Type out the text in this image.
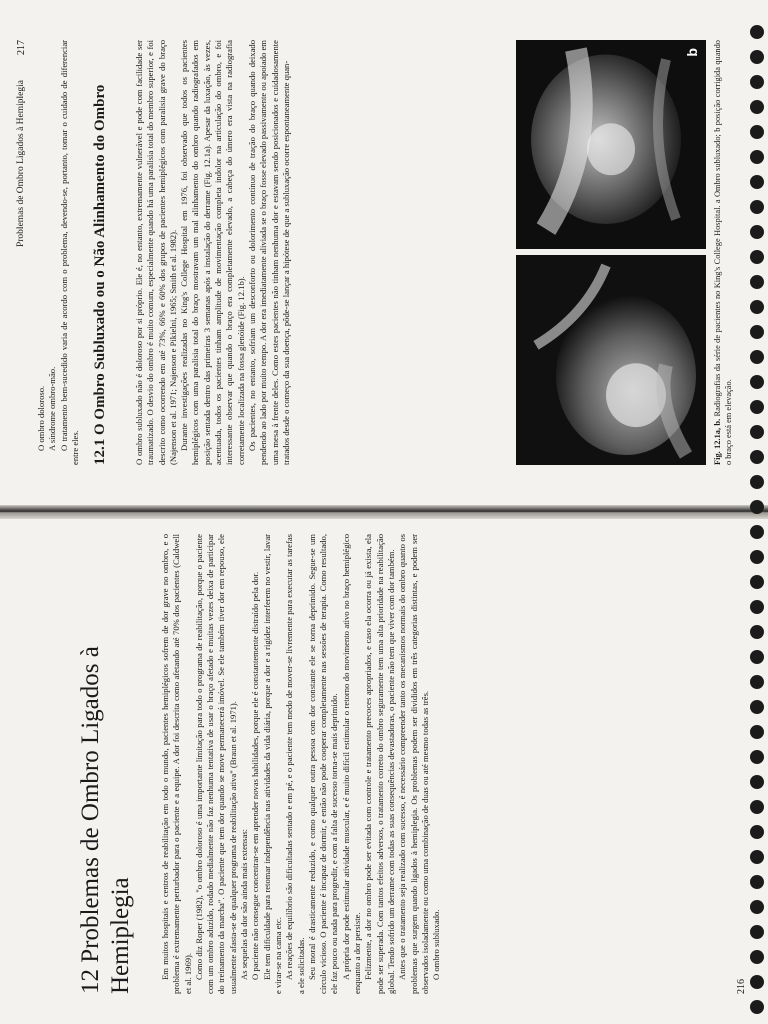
12 Problemas de Ombro Ligados à Hemiplegia	Em muitos hospitais e centros de reabilitação em todo o mundo, pacientes hemiplégicos sofrem de dor grave no ombro, e o problema é extremamente perturbador para o paciente e a equipe. A dor foi descrita como afetando até 70% dos pacientes (Caldwell et al. 1969). Como diz Roper (1982), "o ombro doloroso é uma importante limitação para todo o programa de reabilitação, porque o paciente com um ombro aduzido, rodado medialmente não faz nenhuma tentativa de usar o braço afetado e muitas vezes deixa de participar do treinamento da marcha". O paciente que tem dor quando se move permanecerá imóvel. Se ele também tiver dor em repouso, ele usualmente afasta-se de qualquer programa de reabilitação ativa" (Braun et al. 1971). As sequelas da dor são ainda mais extensas: O paciente não consegue concentrar-se em aprender novas habilidades, porque ele é constantemente distraído pela dor. Ele tem dificuldade para retomar independência nas atividades da vida diária, porque a dor e a rigidez interferem no vestir, lavar e virar-se na cama etc. As reações de equilíbrio são dificultadas sentado e em pé, e o paciente tem medo de mover-se livremente para executar as tarefas a ele solicitadas. Seu moral é drasticamente reduzido, e como qualquer outra pessoa com dor constante ele se torna deprimido. Segue-se um círculo vicioso. O paciente é incapaz de dormir, e então não pode cooperar completamente nas sessões de terapia. Como resultado, ele faz pouco ou nada para progredir, e com a falta de sucesso torna-se mais deprimido. A própria dor pode estimular atividade muscular, e é muito difícil estimular o retorno do movimento ativo no braço hemiplégico enquanto a dor persiste. Felizmente, a dor no ombro pode ser evitada com controle e tratamento precoces apropriados, e caso ela ocorra ou já exista, ela pode ser superada. Com tantos efeitos adversos, o tratamento correto do ombro seguramente tem uma alta prioridade na reabilitação global. Tendo sofrido um derrame com todas as suas consequências devastadoras, o paciente não tem que viver com dor também. Antes que o tratamento seja realizado com sucesso, é necessário compreender tanto os mecanismos normais do ombro quanto os problemas que surgem quando ligados à hemiplegia. Os problemas podem ser divididos em três categorias distintas, e podem ser observados isoladamente ou como uma combinação de duas ou até mesmo todas as três. O ombro subluxado.

216
Problemas de Ombro Ligados à Hemiplegia
217

O ombro doloroso. A síndrome ombro-mão. O tratamento bem-sucedido varia de acordo com o problema, devendo-se, portanto, tomar o cuidado de diferenciar entre eles. 12.1 O Ombro Subluxado ou o Não Alinhamento do Ombro	O ombro subluxado não é doloroso por si próprio. Ele é, no entanto, extremamente vulnerável e pode com facilidade ser traumatizado. O desvio do ombro é muito comum, especialmente quando há uma paralisia total do membro superior, e foi descrito como ocorrendo em até 73%, 66% e 60% dos grupos de pacientes hemiplégicos com paralisia grave do braço (Najenson et al. 1971; Najenson e Pikielni, 1965; Smith et al. 1982). Durante investigações realizadas no King's College Hospital em 1976, foi observado que todos os pacientes hemiplégicos com uma paralisia total do braço mostravam um mal alinhamento do ombro quando radiografados em posição sentada dentro das primeiras 3 semanas após a instalação do derrame (Fig. 12.1a). Apesar da luxação, às vezes, acentuada, todos os pacientes tinham amplitude de movimentação completa indolor na articulação do ombro, e foi interessante observar que quando o braço era completamente elevado, a cabeça do úmero era vista na radiografia corretamente localizada na fossa glenóide (Fig. 12.1b). Os pacientes, no entanto, sofriam um desconforto ou dolorimento contínuo de tração do braço quando deixado pendendo ao lado por muito tempo. A dor era imediatamente aliviada se o braço fosse elevado passivamente ou apoiado em uma mesa à frente deles. Como estes pacientes não tinham nenhuma dor e estavam sendo posicionados e cuidadosamente tratados desde o começo da sua doença, pôde-se lançar a hipótese de que a subluxação ocorre espontaneamente quan-

b
Fig. 12.1a, b. Radiografias da série de pacientes no King's College Hospital. a Ombro subluxado; b posição corrigida quando o braço está em elevação.
